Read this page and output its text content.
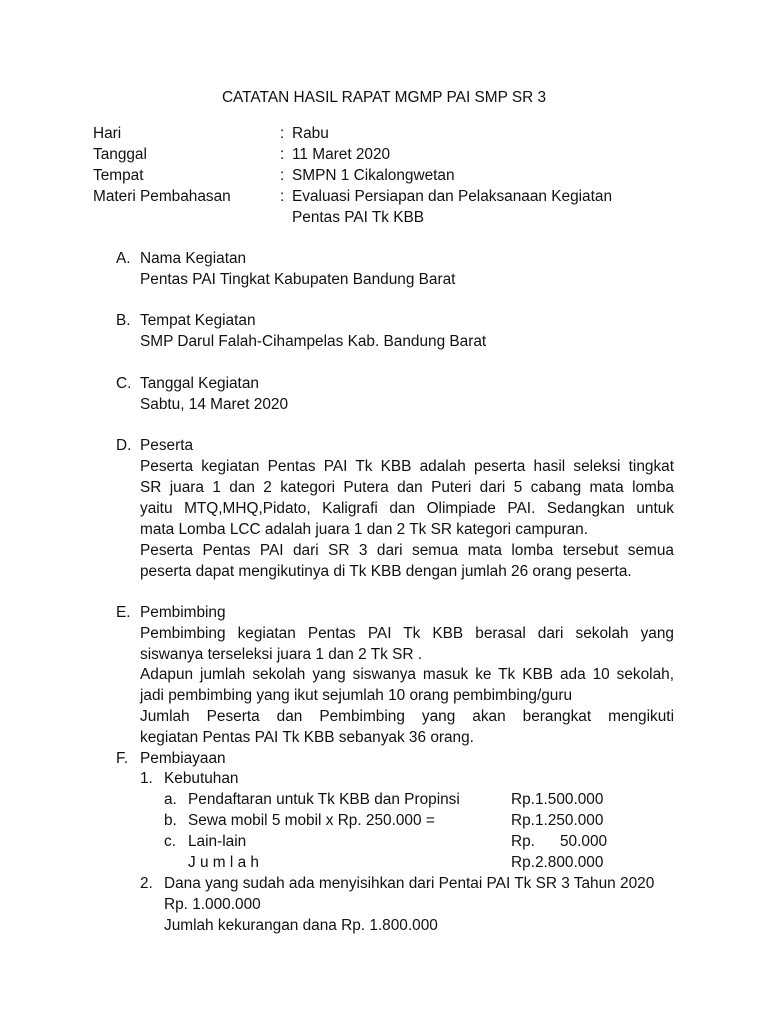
CATATAN HASIL RAPAT MGMP PAI SMP SR 3
Hari	: Rabu
Tanggal	: 11 Maret 2020
Tempat	: SMPN 1 Cikalongwetan
Materi Pembahasan	: Evaluasi Persiapan dan Pelaksanaan Kegiatan
Pentas PAI Tk KBB
A. Nama Kegiatan
Pentas PAI Tingkat Kabupaten Bandung Barat
B. Tempat Kegiatan
SMP Darul Falah-Cihampelas Kab. Bandung Barat
C. Tanggal Kegiatan
Sabtu, 14 Maret 2020
D. Peserta
Peserta kegiatan Pentas PAI Tk KBB adalah peserta hasil seleksi tingkat
SR juara 1 dan 2 kategori Putera dan Puteri dari 5 cabang mata lomba
yaitu MTQ,MHQ,Pidato, Kaligrafi dan Olimpiade PAI. Sedangkan untuk
mata Lomba LCC adalah juara 1 dan 2 Tk SR kategori campuran.
Peserta Pentas PAI dari SR 3 dari semua mata lomba tersebut semua
peserta dapat mengikutinya di Tk KBB dengan jumlah 26 orang peserta.
E. Pembimbing
Pembimbing kegiatan Pentas PAI Tk KBB berasal dari sekolah yang
siswanya terseleksi juara 1 dan 2 Tk SR .
Adapun jumlah sekolah yang siswanya masuk ke Tk KBB ada 10 sekolah,
jadi pembimbing yang ikut sejumlah 10 orang pembimbing/guru
Jumlah Peserta dan Pembimbing yang akan berangkat mengikuti
kegiatan Pentas PAI Tk KBB sebanyak 36 orang.
F. Pembiayaan
1. Kebutuhan
a. Pendaftaran untuk Tk KBB dan Propinsi	Rp.1.500.000
b. Sewa mobil 5 mobil x Rp. 250.000 =	Rp.1.250.000
c. Lain-lain	Rp. 50.000
J u m l a h	Rp.2.800.000
2. Dana yang sudah ada menyisihkan dari Pentai PAI Tk SR 3 Tahun 2020
Rp. 1.000.000
Jumlah kekurangan dana Rp. 1.800.000
